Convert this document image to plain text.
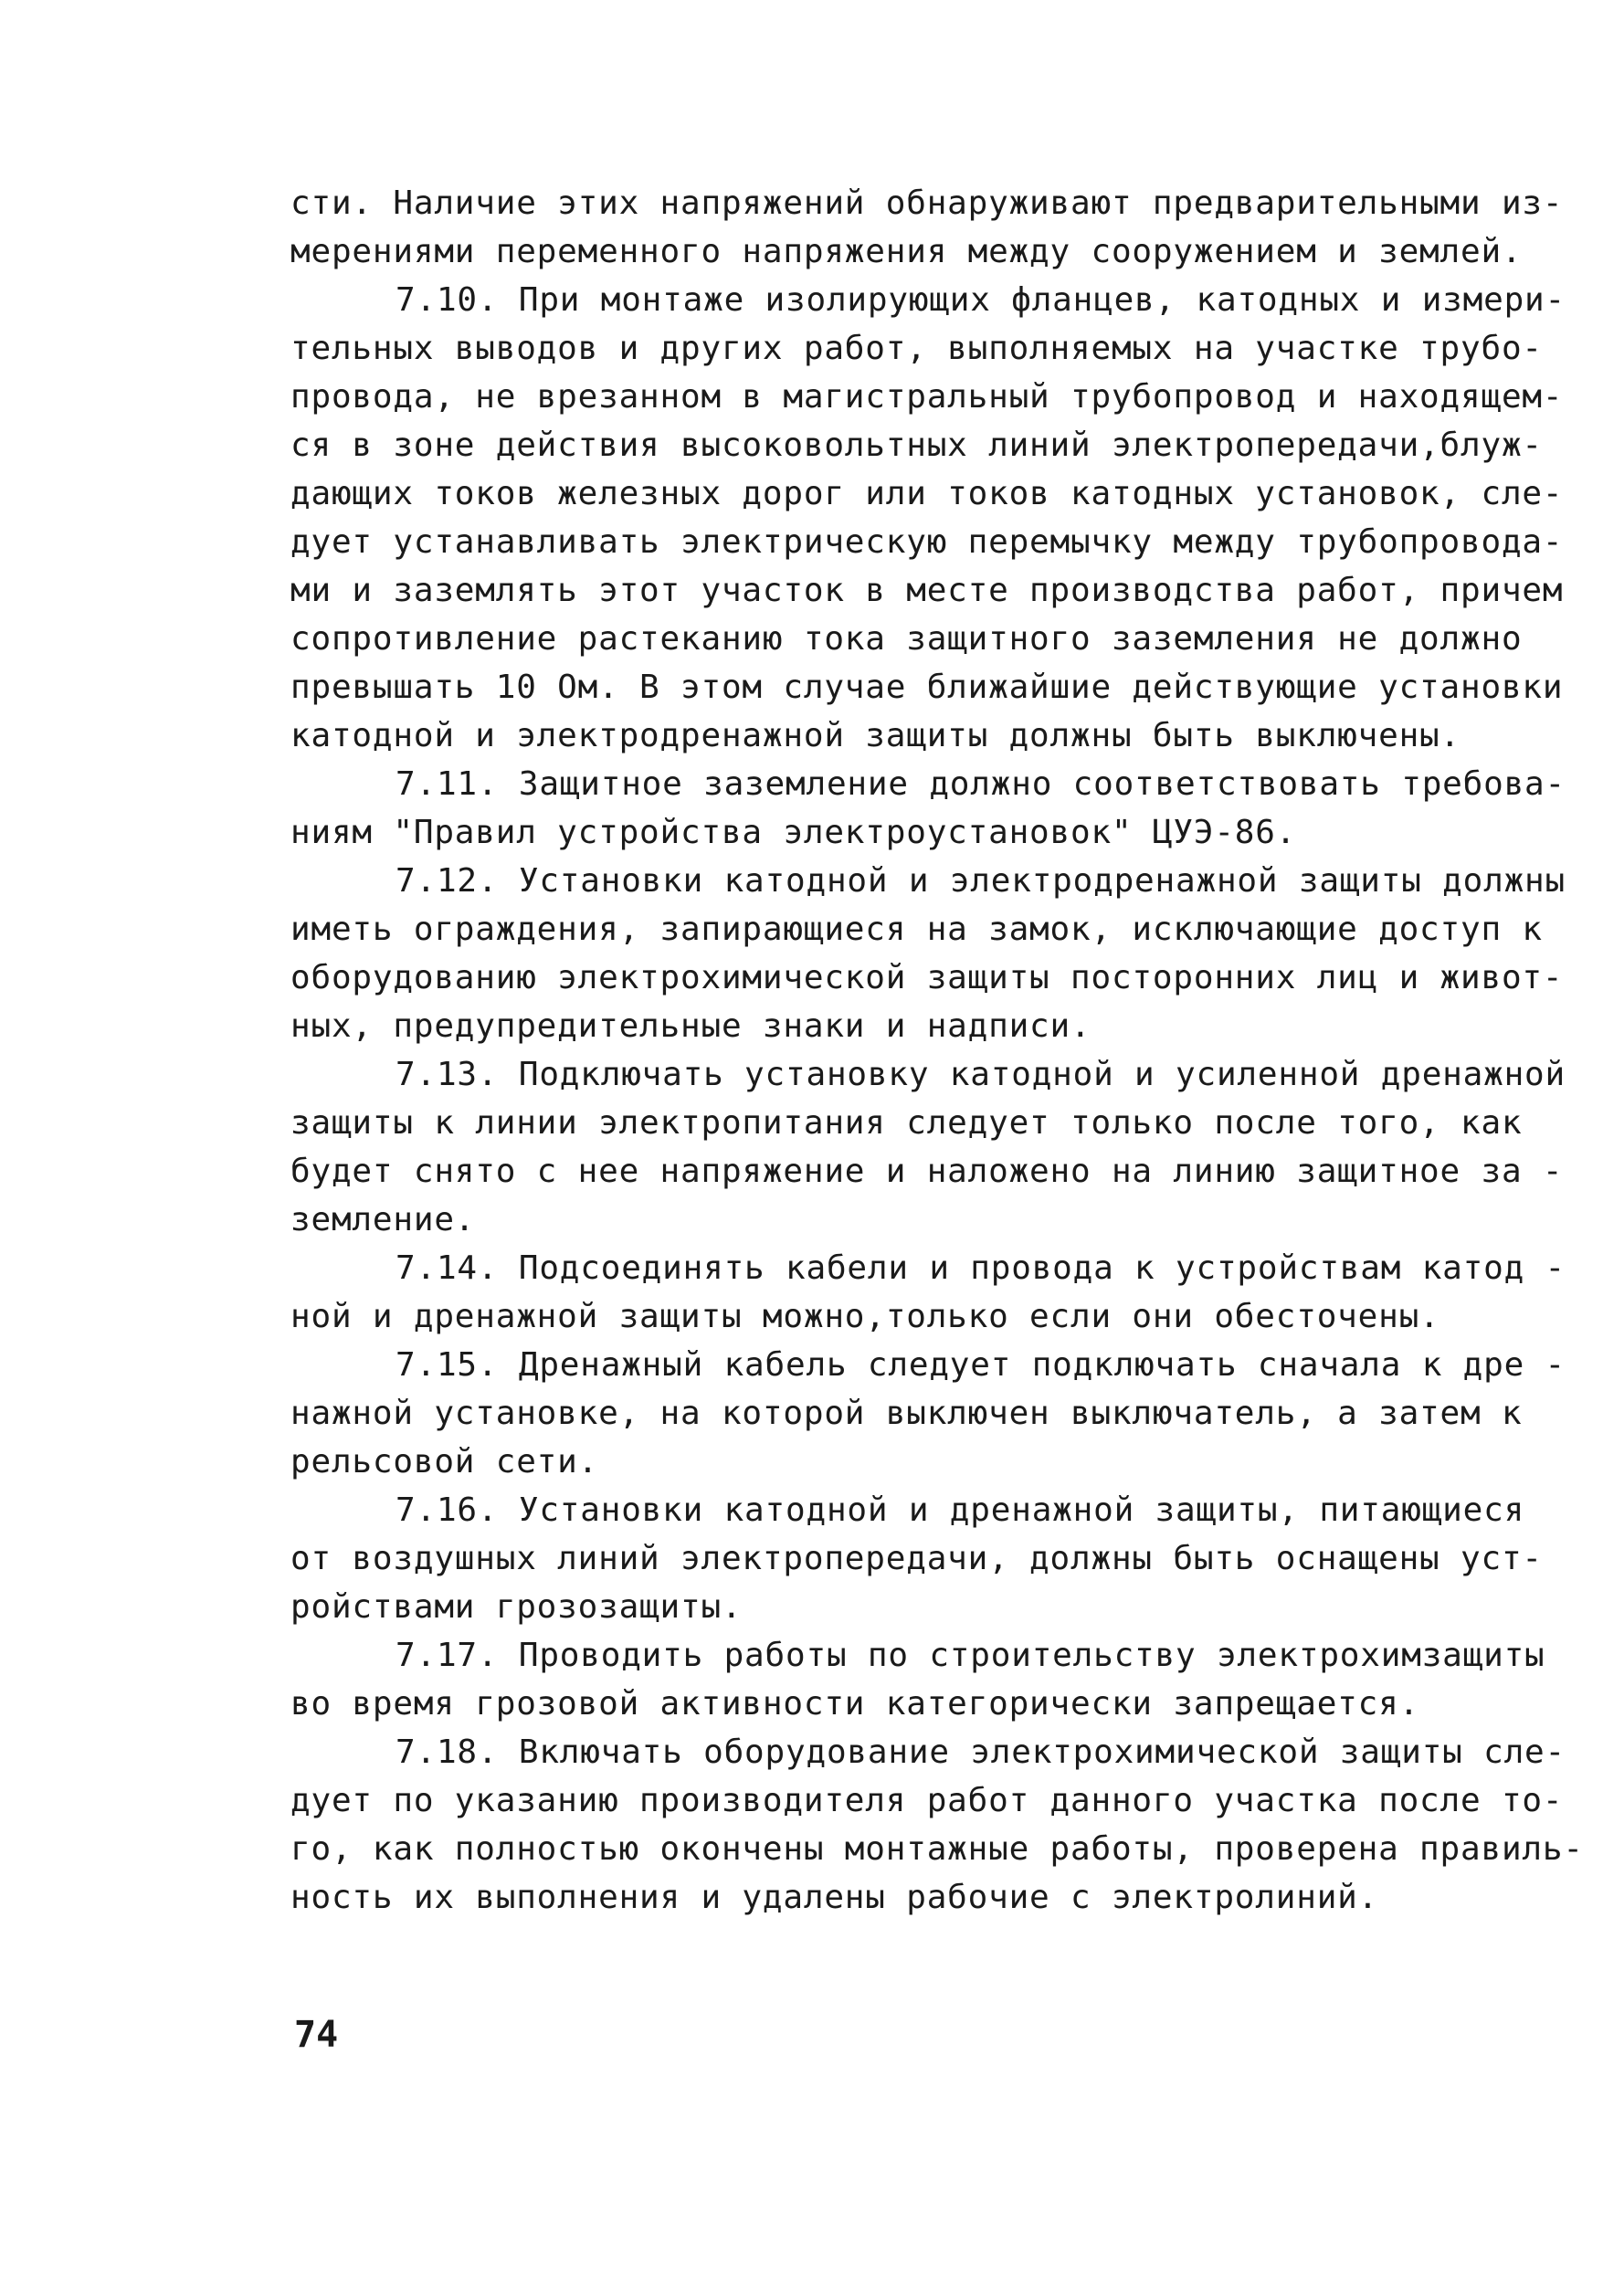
сти. Наличие этих напряжений обнаруживают предварительными из-
мерениями переменного напряжения между сооружением и землей.
7.10. При монтаже изолирующих фланцев, катодных и измери-
тельных выводов и других работ, выполняемых на участке трубо-
провода, не врезанном в магистральный трубопровод и находящем-
ся в зоне действия высоковольтных линий электропередачи,блуж-
дающих токов железных дорог или токов катодных установок, сле-
дует устанавливать электрическую перемычку между трубопровода-
ми и заземлять этот участок в месте производства работ, причем
сопротивление растеканию тока защитного заземления не должно
превышать 10 Ом. В этом случае ближайшие действующие установки
катодной и электродренажной защиты должны быть выключены.
7.11. Защитное заземление должно соответствовать требова-
ниям "Правил устройства электроустановок" ЦУЭ-86.
7.12. Установки катодной и электродренажной защиты должны
иметь ограждения, запирающиеся на замок, исключающие доступ к
оборудованию электрохимической защиты посторонних лиц и живот-
ных, предупредительные знаки и надписи.
7.13. Подключать установку катодной и усиленной дренажной
защиты к линии электропитания следует только после того, как
будет снято с нее напряжение и наложено на линию защитное за -
земление.
7.14. Подсоединять кабели и провода к устройствам катод -
ной и дренажной защиты можно,только если они обесточены.
7.15. Дренажный кабель следует подключать сначала к дре -
нажной установке, на которой выключен выключатель, а затем к
рельсовой сети.
7.16. Установки катодной и дренажной защиты, питающиеся
от воздушных линий электропередачи, должны быть оснащены уст-
ройствами грозозащиты.
7.17. Проводить работы по строительству электрохимзащиты
во время грозовой активности категорически запрещается.
7.18. Включать оборудование электрохимической защиты сле-
дует по указанию производителя работ данного участка после то-
го, как полностью окончены монтажные работы, проверена правиль-
ность их выполнения и удалены рабочие с электролиний.
74
